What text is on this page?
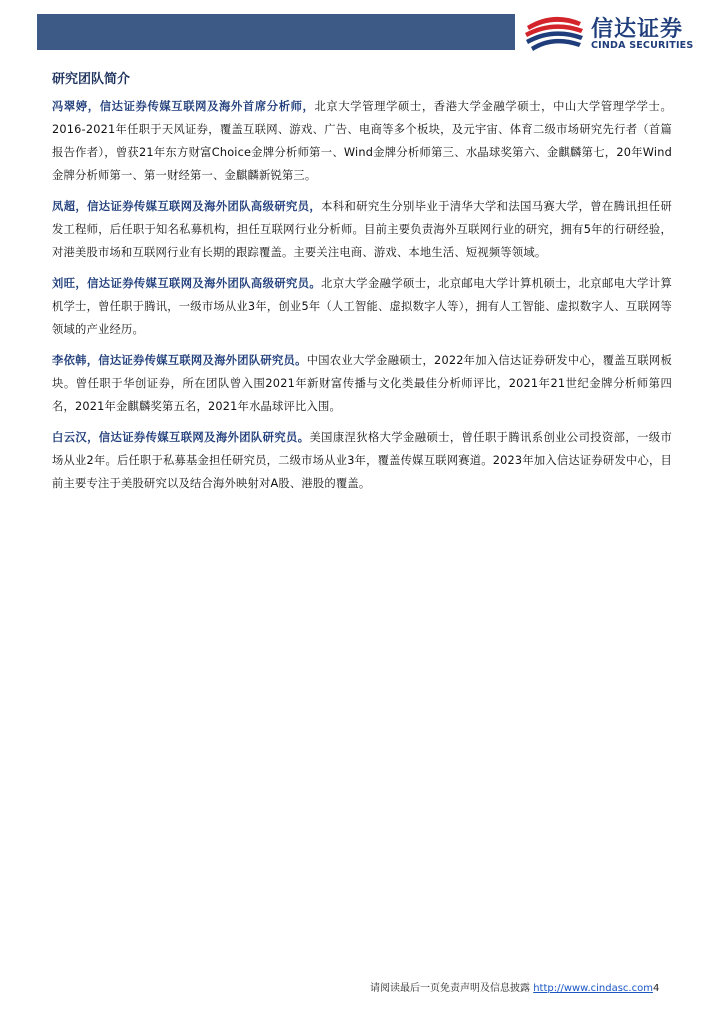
信达证券
CINDA SECURITIES
研究团队简介

冯翠婷，信达证券传媒互联网及海外首席分析师，北京大学管理学硕士，香港大学金融学硕士，中山大学管理学学士。2016-2021年任职于天风证券，覆盖互联网、游戏、广告、电商等多个板块，及元宇宙、体育二级市场研究先行者（首篇报告作者），曾获21年东方财富Choice金牌分析师第一、Wind金牌分析师第三、水晶球奖第六、金麒麟第七，20年Wind金牌分析师第一、第一财经第一、金麒麟新锐第三。

凤超，信达证券传媒互联网及海外团队高级研究员，本科和研究生分别毕业于清华大学和法国马赛大学，曾在腾讯担任研发工程师，后任职于知名私募机构，担任互联网行业分析师。目前主要负责海外互联网行业的研究，拥有5年的行研经验，对港美股市场和互联网行业有长期的跟踪覆盖。主要关注电商、游戏、本地生活、短视频等领域。

刘旺，信达证券传媒互联网及海外团队高级研究员。北京大学金融学硕士，北京邮电大学计算机硕士，北京邮电大学计算机学士，曾任职于腾讯，一级市场从业3年，创业5年（人工智能、虚拟数字人等），拥有人工智能、虚拟数字人、互联网等领域的产业经历。

李依韩，信达证券传媒互联网及海外团队研究员。中国农业大学金融硕士，2022年加入信达证券研发中心，覆盖互联网板块。曾任职于华创证券，所在团队曾入围2021年新财富传播与文化类最佳分析师评比，2021年21世纪金牌分析师第四名，2021年金麒麟奖第五名，2021年水晶球评比入围。

白云汉，信达证券传媒互联网及海外团队研究员。美国康涅狄格大学金融硕士，曾任职于腾讯系创业公司投资部，一级市场从业2年。后任职于私募基金担任研究员，二级市场从业3年，覆盖传媒互联网赛道。2023年加入信达证券研发中心，目前主要专注于美股研究以及结合海外映射对A股、港股的覆盖。

请阅读最后一页免责声明及信息披露 http://www.cindasc.com4
